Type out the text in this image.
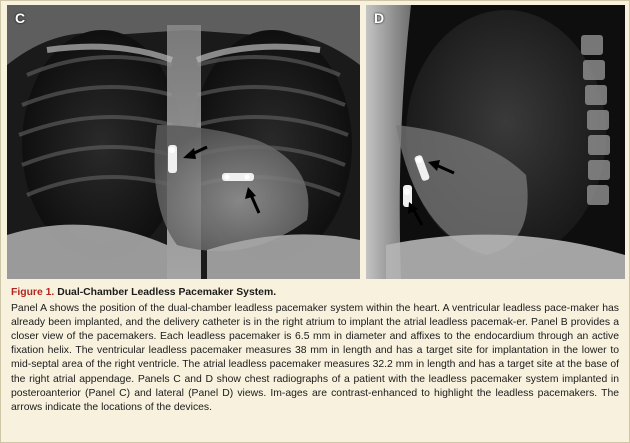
C	D
Figure 1. Dual-Chamber Leadless Pacemaker System.

Panel A shows the position of the dual-chamber leadless pacemaker system within the heart. A ventricular leadless pace-maker has already been implanted, and the delivery catheter is in the right atrium to implant the atrial leadless pacemak-er. Panel B provides a closer view of the pacemakers. Each leadless pacemaker is 6.5 mm in diameter and affixes to the endocardium through an active fixation helix. The ventricular leadless pacemaker measures 38 mm in length and has a target site for implantation in the lower to mid-septal area of the right ventricle. The atrial leadless pacemaker measures 32.2 mm in length and has a target site at the base of the right atrial appendage. Panels C and D show chest radiographs of a patient with the leadless pacemaker system implanted in posteroanterior (Panel C) and lateral (Panel D) views. Im-ages are contrast-enhanced to highlight the leadless pacemakers. The arrows indicate the locations of the devices.
